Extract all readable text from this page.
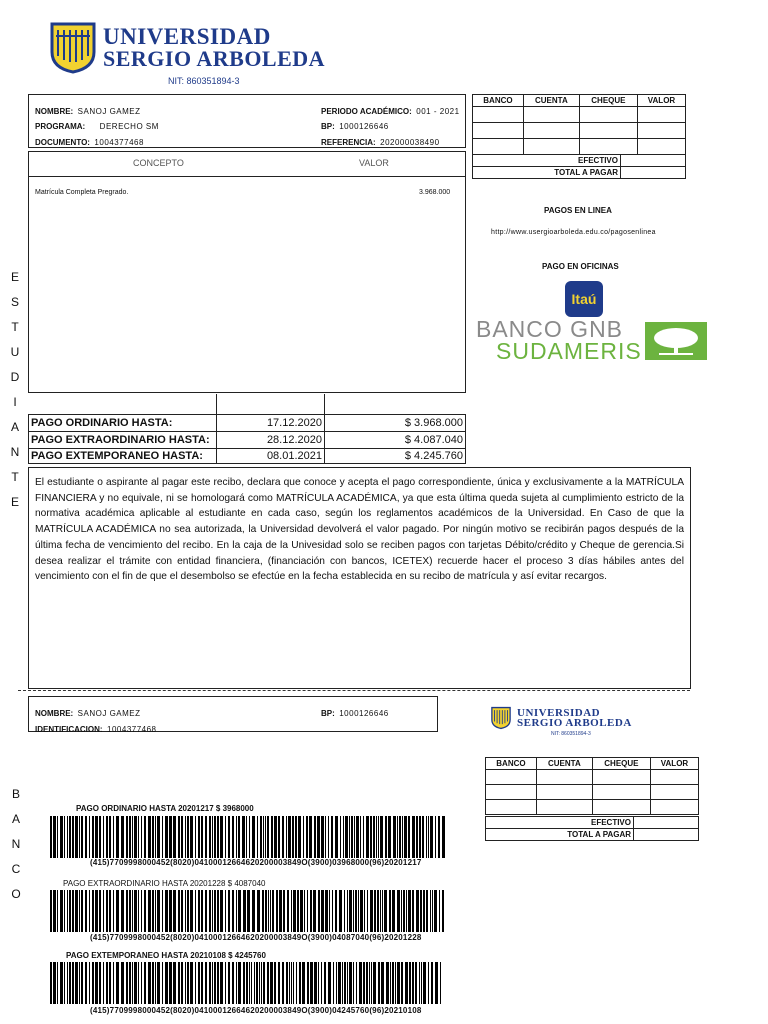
UNIVERSIDAD
SERGIO ARBOLEDA
NIT: 860351894-3
NOMBRE: SANOJ GAMEZ
PROGRAMA: DERECHO SM
DOCUMENTO: 1004377468
PERIODO ACADÉMICO: 001 - 2021
BP: 1000126646
REFERENCIA: 202000038490
BANCO	CUENTA	CHEQUE	VALOR

EFECTIVO	
TOTAL A PAGAR	
CONCEPTO	VALOR
Matrícula Completa Pregrado.	3.968.000
PAGOS EN LINEA
http://www.usergioarboleda.edu.co/pagosenlinea
PAGO EN OFICINAS
Itaú
BANCO GNB
SUDAMERIS
E
S
T
U
D
I
A
N
T
E

PAGO ORDINARIO HASTA:	17.12.2020	$ 3.968.000
PAGO EXTRAORDINARIO HASTA:	28.12.2020	$ 4.087.040
PAGO EXTEMPORANEO HASTA:	08.01.2021	$ 4.245.760
El estudiante o aspirante al pagar este recibo, declara que conoce y acepta el pago correspondiente, única y exclusivamente a la MATRÍCULA FINANCIERA y no equivale, ni se homologará como MATRÍCULA ACADÉMICA, ya que esta última queda sujeta al cumplimiento estricto de la normativa académica aplicable al estudiante en cada caso, según los reglamentos académicos de la Universidad. En Caso de que la MATRÍCULA ACADÉMICA no sea autorizada, la Universidad devolverá el valor pagado. Por ningún motivo se recibirán pagos después de la última fecha de vencimiento del recibo. En la caja de la Univesidad solo se reciben pagos con tarjetas Débito/crédito y Cheque de gerencia.Si desea realizar el trámite con entidad financiera, (financiación con bancos, ICETEX) recuerde hacer el proceso 3 días hábiles antes del vencimiento con el fin de que el desembolso se efectúe en la fecha establecida en su recibo de matrícula y así evitar recargos.
NOMBRE: SANOJ GAMEZ
IDENTIFICACION: 1004377468
BP: 1000126646	UNIVERSIDAD
SERGIO ARBOLEDA
NIT: 860351894-3
BANCO	CUENTA	CHEQUE	VALOR

EFECTIVO	
TOTAL A PAGAR	
B
A
N
C
O
PAGO ORDINARIO HASTA 20201217 $ 3968000
(415)7709998000452(8020)04100012664620200003849O(3900)03968000(96)20201217
PAGO EXTRAORDINARIO HASTA 20201228 $ 4087040
(415)7709998000452(8020)04100012664620200003849O(3900)04087040(96)20201228
PAGO EXTEMPORANEO HASTA 20210108 $ 4245760
(415)7709998000452(8020)04100012664620200003849O(3900)04245760(96)20210108
